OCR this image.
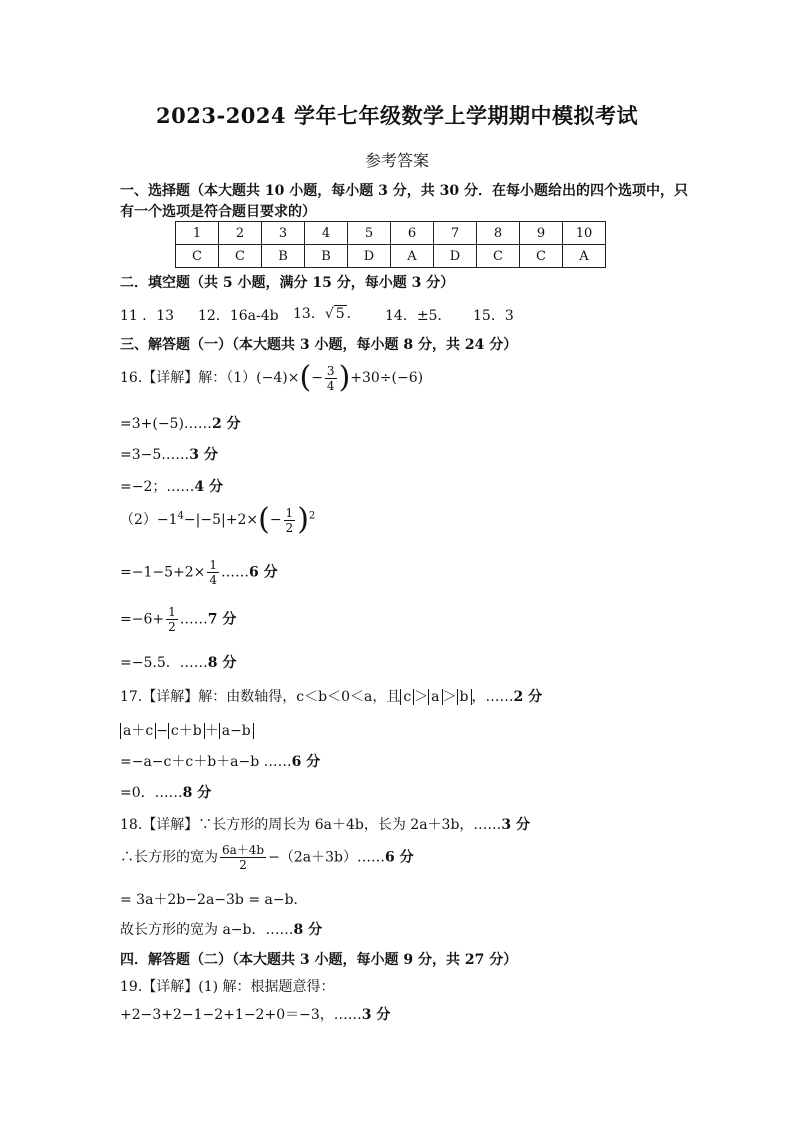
2023-2024 学年七年级数学上学期期中模拟考试
参考答案
一、选择题（本大题共 10 小题，每小题 3 分，共 30 分．在每小题给出的四个选项中，只
有一个选项是符合题目要求的）
1	2	3	4	5	6	7	8	9	10
C	C	B	B	D	A	D	C	C	A
二．填空题（共 5 小题，满分 15 分，每小题 3 分）
11 ．13 12．16a-4b 13．√ 5 ． 14．±5． 15．3
三、解答题（一）（本大题共 3 小题，每小题 8 分，共 24 分）
16.【详解】解：$(1)(-4)\times(- \frac{3}{4} )+30\div(-6)$
=3+(−5)……2 分
=3−5……3 分
=−2；……4 分
$(2)-1^4-|-5|+2\times(- \frac{1}{2} )^2$
$=-1-5+2\times \frac{1}{4}$ ……6 分
$=-6+ \frac{1}{2}$ ……7 分
=−5.5．……8 分
17.【详解】解：由数轴得，c＜b＜0＜a，且 c ＞ a ＞ b ，……2 分
a＋c − c＋b ＋ a−b
=−a−c＋c＋b＋a−b ……6 分
=0．……8 分
18.【详解】∵长方形的周长为 6a＋4b，长为 2a＋3b，……3 分
∴长方形的宽为 $\frac{6a+4b}{2}$ −（2a＋3b）……6 分
= 3a＋2b−2a−3b = a−b．
故长方形的宽为 a−b．……8 分
四．解答题（二）（本大题共 3 小题，每小题 9 分，共 27 分）
19.【详解】(1) 解：根据题意得：
+2−3+2−1−2+1−2+0＝−3，……3 分
